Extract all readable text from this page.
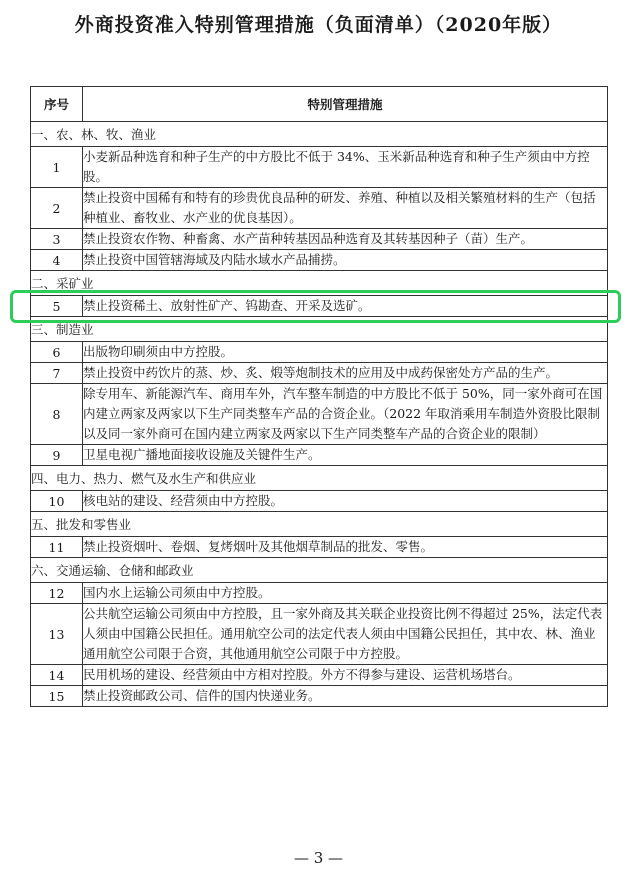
外商投资准入特别管理措施（负面清单）（2020年版）
序号	特别管理措施
一、农、林、牧、渔业	
1	小麦新品种选育和种子生产的中方股比不低于 34%、玉米新品种选育和种子生产须由中方控股。
2	禁止投资中国稀有和特有的珍贵优良品种的研发、养殖、种植以及相关繁殖材料的生产（包括种植业、畜牧业、水产业的优良基因）。
3	禁止投资农作物、种畜禽、水产苗种转基因品种选育及其转基因种子（苗）生产。
4	禁止投资中国管辖海域及内陆水域水产品捕捞。
二、采矿业	
5	禁止投资稀土、放射性矿产、钨勘查、开采及选矿。
三、制造业	
6	出版物印刷须由中方控股。
7	禁止投资中药饮片的蒸、炒、炙、煅等炮制技术的应用及中成药保密处方产品的生产。
8	除专用车、新能源汽车、商用车外，汽车整车制造的中方股比不低于 50%，同一家外商可在国内建立两家及两家以下生产同类整车产品的合资企业。（2022 年取消乘用车制造外资股比限制以及同一家外商可在国内建立两家及两家以下生产同类整车产品的合资企业的限制）
9	卫星电视广播地面接收设施及关键件生产。
四、电力、热力、燃气及水生产和供应业	
10	核电站的建设、经营须由中方控股。
五、批发和零售业	
11	禁止投资烟叶、卷烟、复烤烟叶及其他烟草制品的批发、零售。
六、交通运输、仓储和邮政业	
12	国内水上运输公司须由中方控股。
13	公共航空运输公司须由中方控股，且一家外商及其关联企业投资比例不得超过 25%，法定代表人须由中国籍公民担任。通用航空公司的法定代表人须由中国籍公民担任，其中农、林、渔业通用航空公司限于合资，其他通用航空公司限于中方控股。
14	民用机场的建设、经营须由中方相对控股。外方不得参与建设、运营机场塔台。
15	禁止投资邮政公司、信件的国内快递业务。
— 3 —
